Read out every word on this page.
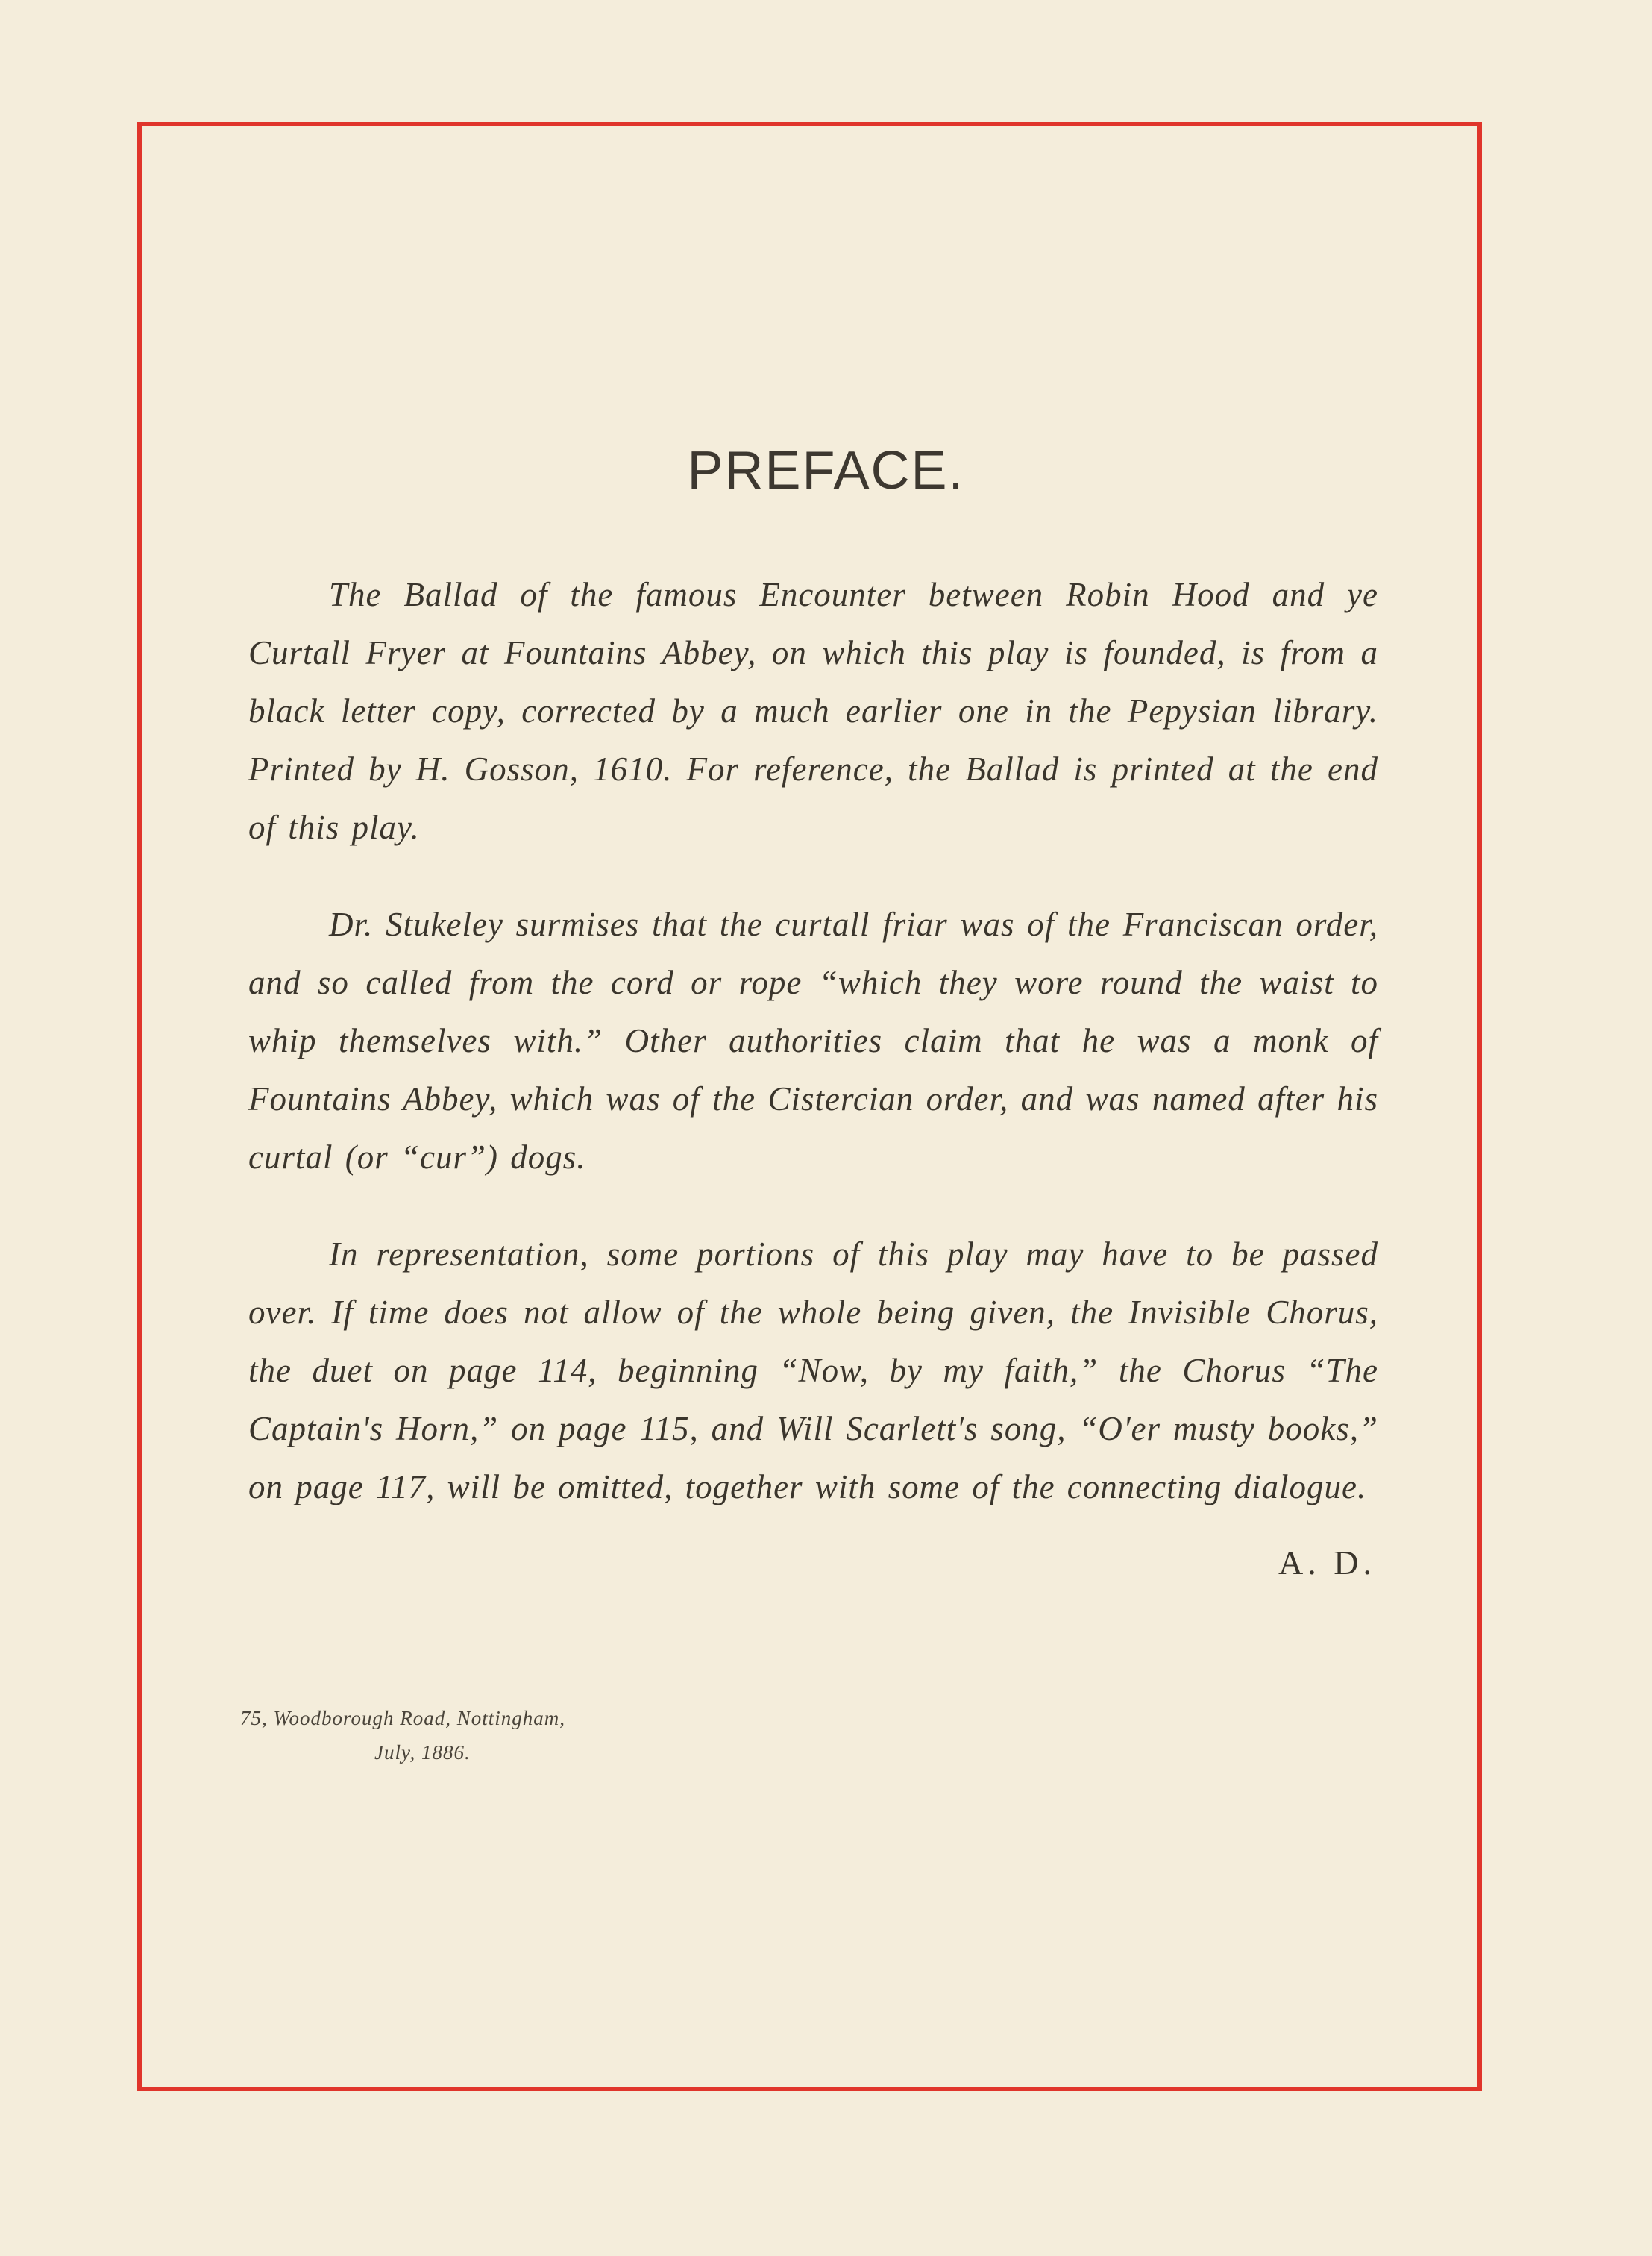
PREFACE.

The Ballad of the famous Encounter between Robin Hood and ye Curtall Fryer at Fountains Abbey, on which this play is founded, is from a black letter copy, corrected by a much earlier one in the Pepysian library. Printed by H. Gosson, 1610. For reference, the Ballad is printed at the end of this play.

Dr. Stukeley surmises that the curtall friar was of the Franciscan order, and so called from the cord or rope “which they wore round the waist to whip themselves with.” Other authorities claim that he was a monk of Fountains Abbey, which was of the Cistercian order, and was named after his curtal (or “cur”) dogs.

In representation, some portions of this play may have to be passed over. If time does not allow of the whole being given, the Invisible Chorus, the duet on page 114, beginning “Now, by my faith,” the Chorus “The Captain's Horn,” on page 115, and Will Scarlett's song, “O'er musty books,” on page 117, will be omitted, together with some of the connecting dialogue.

A. D.
75, Woodborough Road, Nottingham,
July, 1886.
